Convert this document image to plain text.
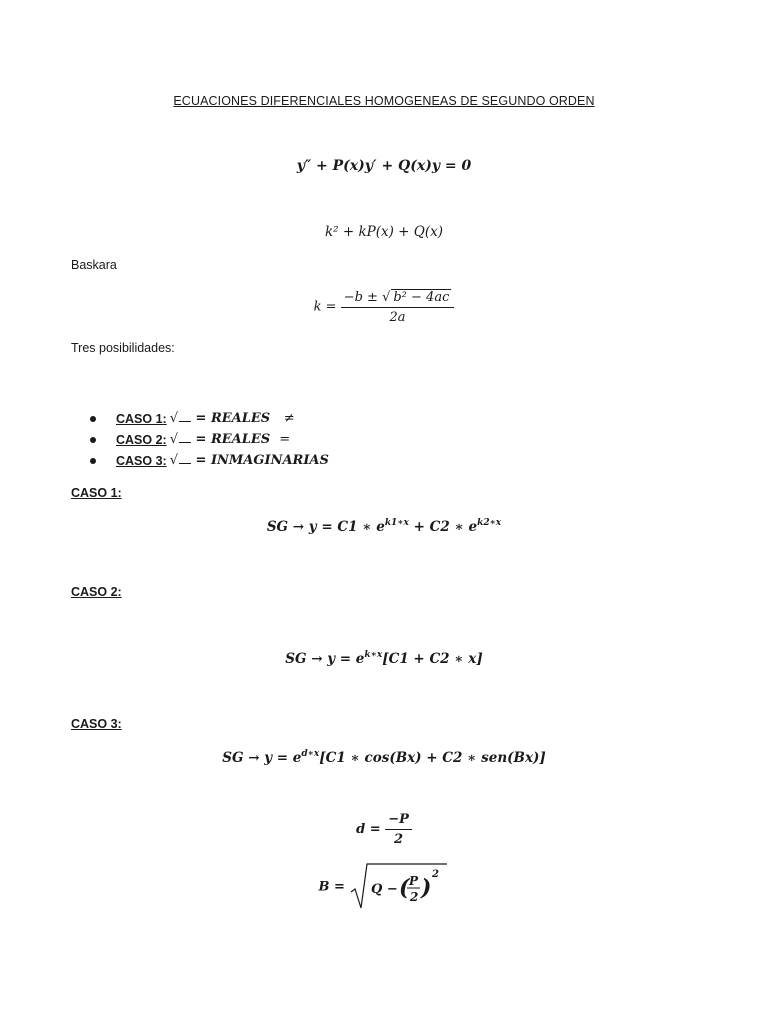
ECUACIONES DIFERENCIALES HOMOGENEAS DE SEGUNDO ORDEN
y″ + P(x)y′ + Q(x)y = 0
k² + kP(x) + Q(x)
Baskara
$k = \frac{\text{−b ± √ b² − 4ac}}{2a}$
Tres posibilidades:
CASO 1: √ = REALES ≠
CASO 2: √ = REALES =
CASO 3: √ = INMAGINARIAS
CASO 1:
SG → y = C1 ∗ $e^{k1∗x} + C2$ ∗ $e^{k2∗x}$
CASO 2:
SG → $y = e^{k∗x}[C1 + C2$ ∗ x]
CASO 3:
SG → $y = e^{d∗x}[C1$ ∗ cos(Bx) + C2 ∗ sen(Bx)]
$d = \frac{-P}{2}$
B = Q − ( P
2 )
2
